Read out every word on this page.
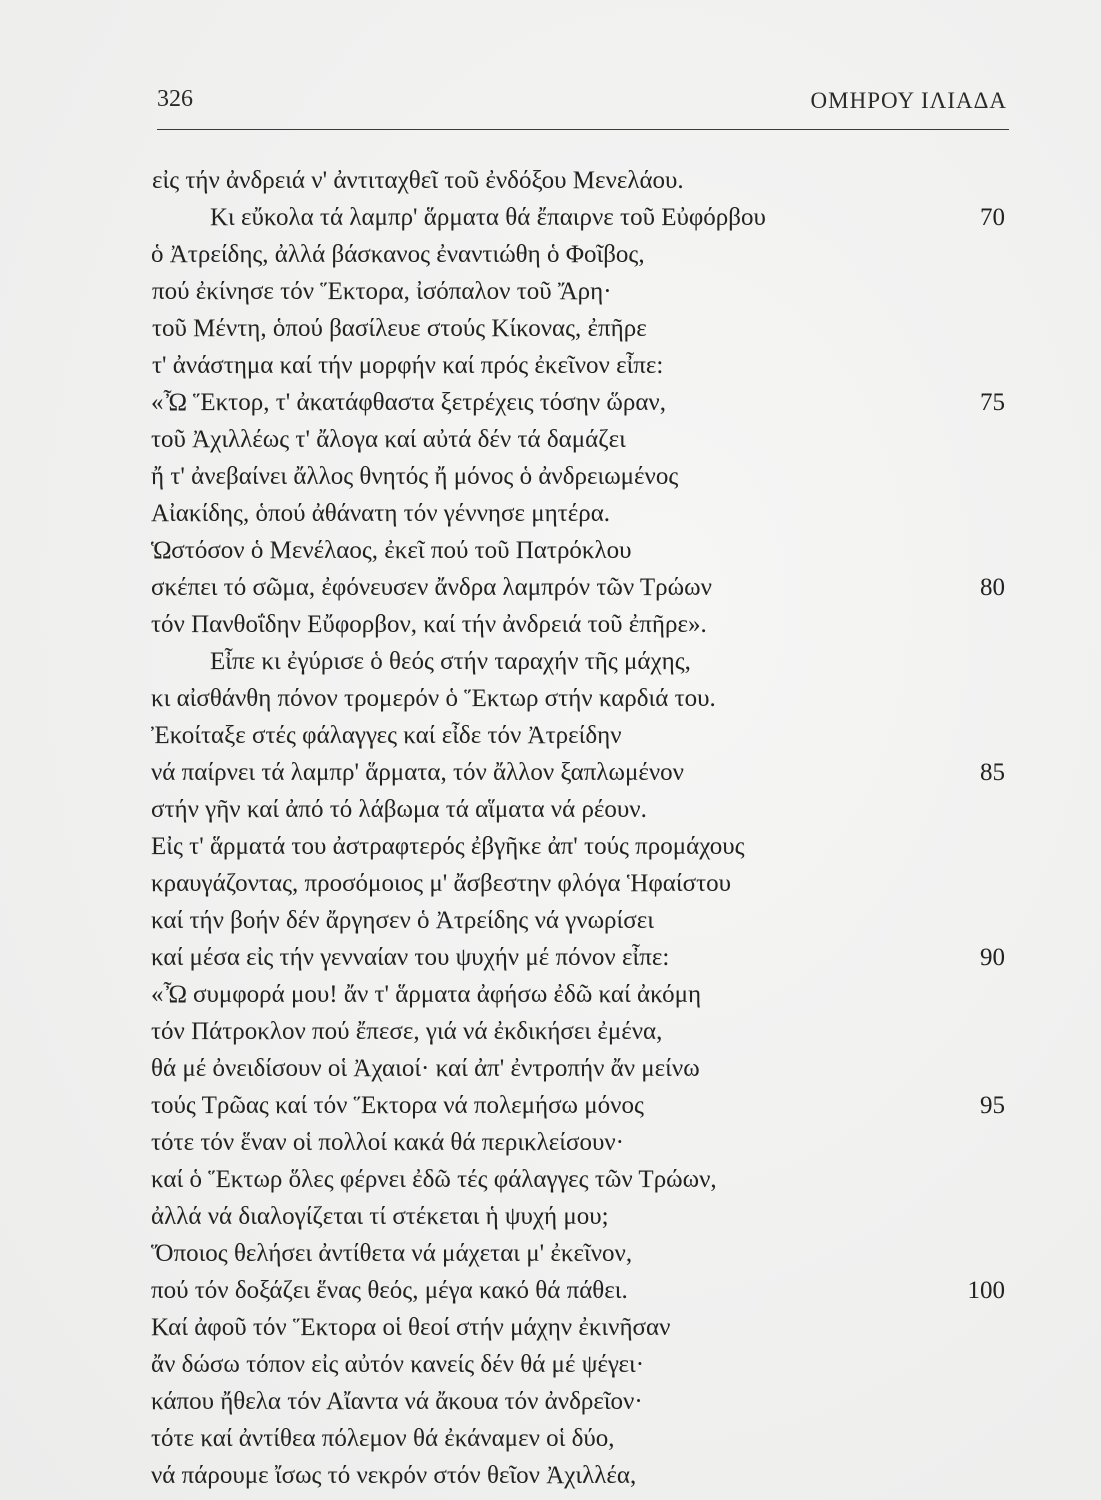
326	ΟΜΗΡΟΥ ΙΛΙΑΔΑ
εἰς τήν ἀνδρειά ν' ἀντιταχθεῖ τοῦ ἐνδόξου Μενελάου.
Κι εὔκολα τά λαμπρ' ἅρματα θά ἔπαιρνε τοῦ Εὐφόρβου
ὁ Ἀτρείδης, ἀλλά βάσκανος ἐναντιώθη ὁ Φοῖβος,
πού ἐκίνησε τόν Ἕκτορα, ἰσόπαλον τοῦ Ἄρη·
τοῦ Μέντη, ὁπού βασίλευε στούς Κίκονας, ἐπῆρε
τ' ἀνάστημα καί τήν μορφήν καί πρός ἐκεῖνον εἶπε:
«Ὦ Ἕκτορ, τ' ἀκατάφθαστα ξετρέχεις τόσην ὥραν,
τοῦ Ἀχιλλέως τ' ἄλογα καί αὐτά δέν τά δαμάζει
ἤ τ' ἀνεβαίνει ἄλλος θνητός ἤ μόνος ὁ ἀνδρειωμένος
Αἰακίδης, ὁπού ἀθάνατη τόν γέννησε μητέρα.
Ὡστόσον ὁ Μενέλαος, ἐκεῖ πού τοῦ Πατρόκλου
σκέπει τό σῶμα, ἐφόνευσεν ἄνδρα λαμπρόν τῶν Τρώων
τόν Πανθοΐδην Εὔφορβον, καί τήν ἀνδρειά τοῦ ἐπῆρε».
Εἶπε κι ἐγύρισε ὁ θεός στήν ταραχήν τῆς μάχης,
κι αἰσθάνθη πόνον τρομερόν ὁ Ἕκτωρ στήν καρδιά του.
Ἐκοίταξε στές φάλαγγες καί εἶδε τόν Ἀτρείδην
νά παίρνει τά λαμπρ' ἅρματα, τόν ἄλλον ξαπλωμένον
στήν γῆν καί ἀπό τό λάβωμα τά αἵματα νά ρέουν.
Εἰς τ' ἅρματά του ἀστραφτερός ἐβγῆκε ἀπ' τούς προμάχους
κραυγάζοντας, προσόμοιος μ' ἄσβεστην φλόγα Ἡφαίστου
καί τήν βοήν δέν ἄργησεν ὁ Ἀτρείδης νά γνωρίσει
καί μέσα εἰς τήν γενναίαν του ψυχήν μέ πόνον εἶπε:
«Ὦ συμφορά μου! ἄν τ' ἅρματα ἀφήσω ἐδῶ καί ἀκόμη
τόν Πάτροκλον πού ἔπεσε, γιά νά ἐκδικήσει ἐμένα,
θά μέ ὀνειδίσουν οἱ Ἀχαιοί· καί ἀπ' ἐντροπήν ἄν μείνω
τούς Τρῶας καί τόν Ἕκτορα νά πολεμήσω μόνος
τότε τόν ἕναν οἱ πολλοί κακά θά περικλείσουν·
καί ὁ Ἕκτωρ ὅλες φέρνει ἐδῶ τές φάλαγγες τῶν Τρώων,
ἀλλά νά διαλογίζεται τί στέκεται ἡ ψυχή μου;
Ὅποιος θελήσει ἀντίθετα νά μάχεται μ' ἐκεῖνον,
πού τόν δοξάζει ἕνας θεός, μέγα κακό θά πάθει.
Καί ἀφοῦ τόν Ἕκτορα οἱ θεοί στήν μάχην ἐκινῆσαν
ἄν δώσω τόπον εἰς αὐτόν κανείς δέν θά μέ ψέγει·
κάπου ἤθελα τόν Αἴαντα νά ἄκουα τόν ἀνδρεῖον·
τότε καί ἀντίθεα πόλεμον θά ἐκάναμεν οἱ δύο,
νά πάρουμε ἴσως τό νεκρόν στόν θεῖον Ἀχιλλέα,
70
75
80
85
90
95
100
